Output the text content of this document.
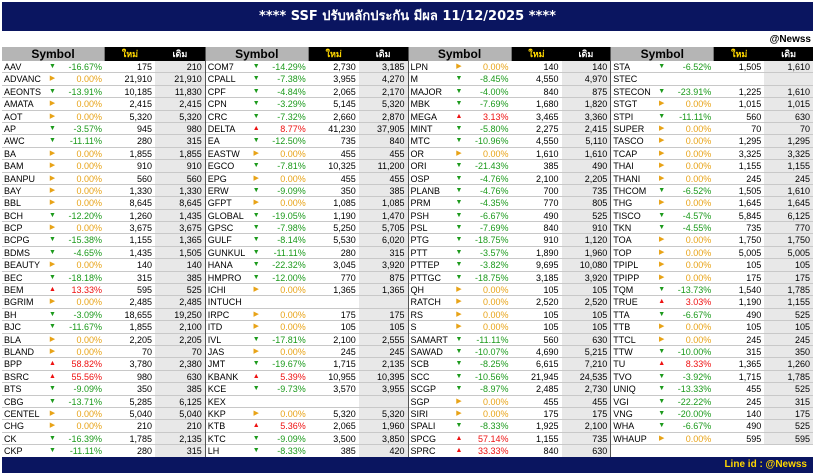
**** SSF ปรับหลักประกัน มีผล 11/12/2025 ****
@Newss
Symbol	ใหม่	เดิม
AAV	▼	-16.67%	175	210
ADVANC	▶	0.00%	21,910	21,910
AEONTS	▼	-13.91%	10,185	11,830
AMATA	▶	0.00%	2,415	2,415
AOT	▶	0.00%	5,320	5,320
AP	▼	-3.57%	945	980
AWC	▼	-11.11%	280	315
BA	▶	0.00%	1,855	1,855
BAM	▶	0.00%	910	910
BANPU	▶	0.00%	560	560
BAY	▶	0.00%	1,330	1,330
BBL	▶	0.00%	8,645	8,645
BCH	▼	-12.20%	1,260	1,435
BCP	▶	0.00%	3,675	3,675
BCPG	▼	-15.38%	1,155	1,365
BDMS	▼	-4.65%	1,435	1,505
BEAUTY	▶	0.00%	140	140
BEC	▼	-18.18%	315	385
BEM	▲	13.33%	595	525
BGRIM	▶	0.00%	2,485	2,485
BH	▼	-3.09%	18,655	19,250
BJC	▼	-11.67%	1,855	2,100
BLA	▶	0.00%	2,205	2,205
BLAND	▶	0.00%	70	70
BPP	▲	58.82%	3,780	2,380
BSRC	▲	55.56%	980	630
BTS	▼	-9.09%	350	385
CBG	▼	-13.71%	5,285	6,125
CENTEL	▶	0.00%	5,040	5,040
CHG	▶	0.00%	210	210
CK	▼	-16.39%	1,785	2,135
CKP	▼	-11.11%	280	315
Symbol	ใหม่	เดิม
COM7	▼	-14.29%	2,730	3,185
CPALL	▼	-7.38%	3,955	4,270
CPF	▼	-4.84%	2,065	2,170
CPN	▼	-3.29%	5,145	5,320
CRC	▼	-7.32%	2,660	2,870
DELTA	▲	8.77%	41,230	37,905
EA	▼	-12.50%	735	840
EASTW	▶	0.00%	455	455
EGCO	▼	-7.81%	10,325	11,200
EPG	▶	0.00%	455	455
ERW	▼	-9.09%	350	385
GFPT	▶	0.00%	1,085	1,085
GLOBAL	▼	-19.05%	1,190	1,470
GPSC	▼	-7.98%	5,250	5,705
GULF	▼	-8.14%	5,530	6,020
GUNKUL	▼	-11.11%	280	315
HANA	▼	-22.32%	3,045	3,920
HMPRO	▼	-12.00%	770	875
ICHI	▶	0.00%	1,365	1,365
INTUCH
IRPC	▶	0.00%	175	175
ITD	▶	0.00%	105	105
IVL	▼	-17.81%	2,100	2,555
JAS	▶	0.00%	245	245
JMT	▼	-19.67%	1,715	2,135
KBANK	▲	5.39%	10,955	10,395
KCE	▼	-9.73%	3,570	3,955
KEX
KKP	▶	0.00%	5,320	5,320
KTB	▲	5.36%	2,065	1,960
KTC	▼	-9.09%	3,500	3,850
LH	▼	-8.33%	385	420
Symbol	ใหม่	เดิม
LPN	▶	0.00%	140	140
M	▼	-8.45%	4,550	4,970
MAJOR	▼	-4.00%	840	875
MBK	▼	-7.69%	1,680	1,820
MEGA	▲	3.13%	3,465	3,360
MINT	▼	-5.80%	2,275	2,415
MTC	▼	-10.96%	4,550	5,110
OR	▶	0.00%	1,610	1,610
ORI	▼	-21.43%	385	490
OSP	▼	-4.76%	2,100	2,205
PLANB	▼	-4.76%	700	735
PRM	▼	-4.35%	770	805
PSH	▼	-6.67%	490	525
PSL	▼	-7.69%	840	910
PTG	▼	-18.75%	910	1,120
PTT	▼	-3.57%	1,890	1,960
PTTEP	▼	-3.82%	9,695	10,080
PTTGC	▼	-18.75%	3,185	3,920
QH	▶	0.00%	105	105
RATCH	▶	0.00%	2,520	2,520
RS	▶	0.00%	105	105
S	▶	0.00%	105	105
SAMART	▼	-11.11%	560	630
SAWAD	▼	-10.07%	4,690	5,215
SCB	▼	-8.25%	6,615	7,210
SCC	▼	-10.56%	21,945	24,535
SCGP	▼	-8.97%	2,485	2,730
SGP	▶	0.00%	455	455
SIRI	▶	0.00%	175	175
SPALI	▼	-8.33%	1,925	2,100
SPCG	▲	57.14%	1,155	735
SPRC	▲	33.33%	840	630
Symbol	ใหม่	เดิม
STA	▼	-6.52%	1,505	1,610
STEC
STECON	▼	-23.91%	1,225	1,610
STGT	▶	0.00%	1,015	1,015
STPI	▼	-11.11%	560	630
SUPER	▶	0.00%	70	70
TASCO	▶	0.00%	1,295	1,295
TCAP	▶	0.00%	3,325	3,325
THAI	▶	0.00%	1,155	1,155
THANI	▶	0.00%	245	245
THCOM	▼	-6.52%	1,505	1,610
THG	▶	0.00%	1,645	1,645
TISCO	▼	-4.57%	5,845	6,125
TKN	▼	-4.55%	735	770
TOA	▶	0.00%	1,750	1,750
TOP	▶	0.00%	5,005	5,005
TPIPL	▶	0.00%	105	105
TPIPP	▶	0.00%	175	175
TQM	▼	-13.73%	1,540	1,785
TRUE	▲	3.03%	1,190	1,155
TTA	▼	-6.67%	490	525
TTB	▶	0.00%	105	105
TTCL	▶	0.00%	245	245
TTW	▼	-10.00%	315	350
TU	▲	8.33%	1,365	1,260
TVO	▼	-3.92%	1,715	1,785
UNIQ	▼	-13.33%	455	525
VGI	▼	-22.22%	245	315
VNG	▼	-20.00%	140	175
WHA	▼	-6.67%	490	525
WHAUP	▶	0.00%	595	595
Line id : @Newss
